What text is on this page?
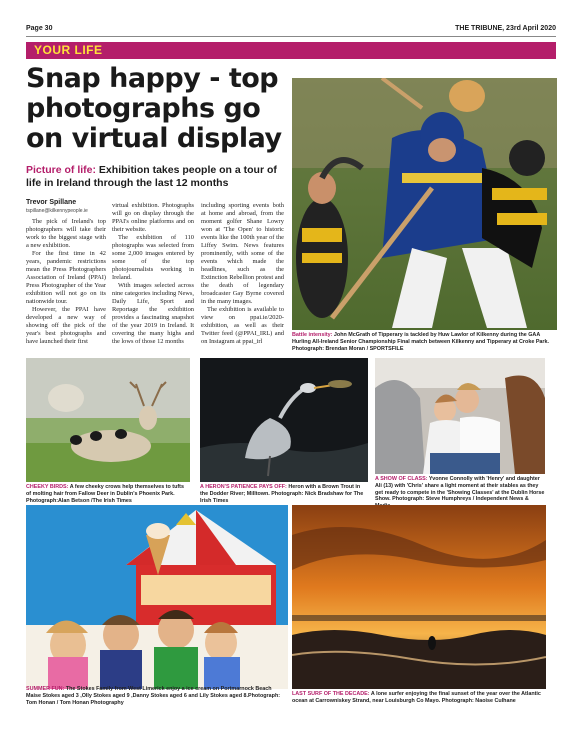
Page 30	THE TRIBUNE, 23rd April 2020
YOUR LIFE
Snap happy - top photographs go on virtual display
Picture of life: Exhibition takes people on a tour of life in Ireland through the last 12 months
Trevor Spillane
tspillane@kilkennypeople.ie

The pick of Ireland's top photographers will take their work to the biggest stage with a new exhibition.

For the first time in 42 years, pandemic restrictions mean the Press Photographers Association of Ireland (PPAI) Press Photographer of the Year exhibition will not go on its nationwide tour.

However, the PPAI have developed a new way of showing off the pick of the year's best photographs and have launched their first

virtual exhibition. Photographs will go on display through the PPAI's online platforms and on their website.

The exhibition of 110 photographs was selected from some 2,000 images entered by some of the top photojournalists working in Ireland.

With images selected across nine categories including News, Daily Life, Sport and Reportage the exhibition provides a fascinating snapshot of the year 2019 in Ireland. It covering the many highs and the lows of those 12 months

including sporting events both at home and abroad, from the moment golfer Shane Lowry won at 'The Open' to historic events like the 100th year of the Liffey Swim. News features prominently, with some of the events which made the headlines, such as the Extinction Rebellion protest and the death of legendary broadcaster Gay Byrne covered in the many images.

The exhibition is available to view on ppai.ie/2020-exhibition, as well as their Twitter feed (@PPAI_IRL) and on Instagram at ppai_irl

Battle intensity: John McGrath of Tipperary is tackled by Huw Lawlor of Kilkenny during the GAA Hurling All-Ireland Senior Championship Final match between Kilkenny and Tipperary at Croke Park. Photograph: Brendan Moran / SPORTSFILE
CHEEKY BIRDS: A few cheeky crows help themselves to tufts of molting hair from Fallow Deer in Dublin's Phoenix Park. Photograph:Alan Betson /The Irish Times
A HERON'S PATIENCE PAYS OFF: Heron with a Brown Trout in the Dodder River; Milltown. Photograph: Nick Bradshaw for The Irish Times
A SHOW OF CLASS: Yvonne Connolly with 'Henry' and daughter Ali (13) with 'Chris' share a light moment at their stables as they get ready to compete in the 'Showing Classes' at the Dublin Horse Show. Photograph: Steve Humphreys / Independent News &
SUMMER FUN: The Stokes Family from West Limerick enjoy a ice cream on Portmarnock Beach Maise Stokes aged 3 ,Olly Stokes aged 9 ,Danny Stokes aged 6 and Lily Stokes aged 8.Photograph: Tom Honan / Tom Honan Photography
LAST SURF OF THE DECADE: A lone surfer enjoying the final sunset of the year over the Atlantic ocean at Carrowniskey Strand, near Louisburgh Co Mayo. Photograph: Naoise Culhane
